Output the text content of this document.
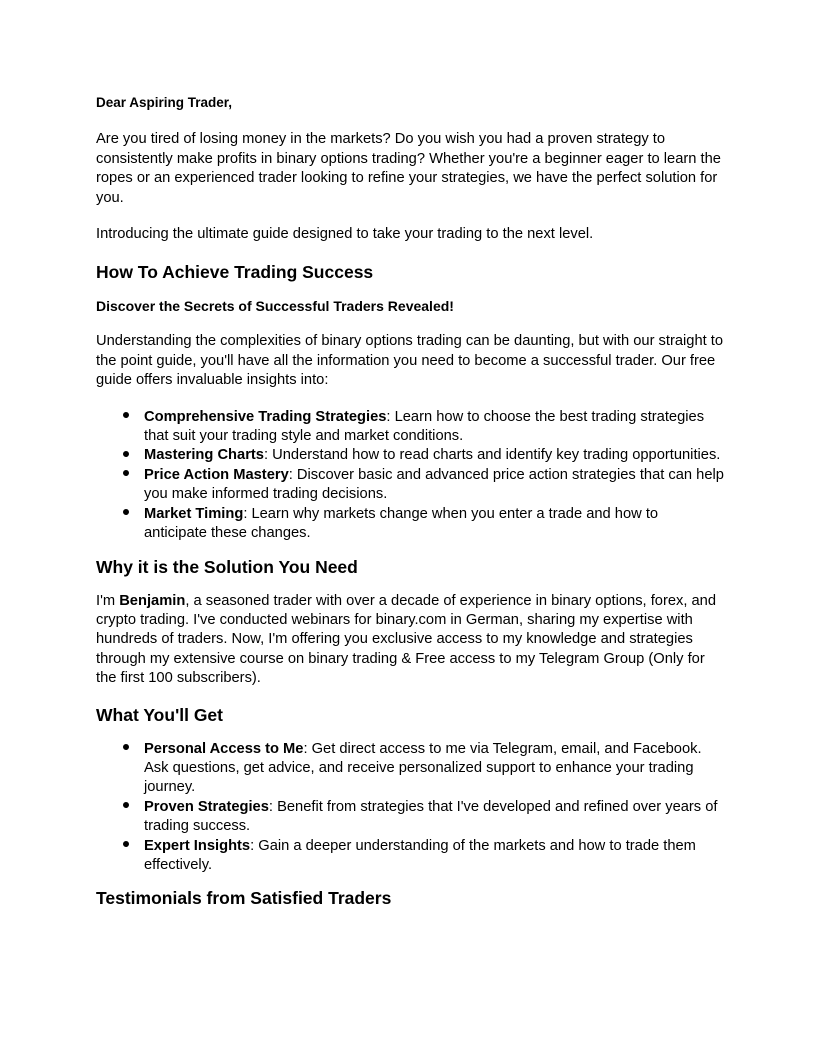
Dear Aspiring Trader,

Are you tired of losing money in the markets? Do you wish you had a proven strategy to consistently make profits in binary options trading? Whether you're a beginner eager to learn the ropes or an experienced trader looking to refine your strategies, we have the perfect solution for you.

Introducing the ultimate guide designed to take your trading to the next level.

How To Achieve Trading Success
Discover the Secrets of Successful Traders Revealed!

Understanding the complexities of binary options trading can be daunting, but with our straight to the point guide, you'll have all the information you need to become a successful trader. Our free guide offers invaluable insights into:

Comprehensive Trading Strategies: Learn how to choose the best trading strategies that suit your trading style and market conditions.
Mastering Charts: Understand how to read charts and identify key trading opportunities.
Price Action Mastery: Discover basic and advanced price action strategies that can help you make informed trading decisions.
Market Timing: Learn why markets change when you enter a trade and how to anticipate these changes.
Why it is the Solution You Need

I'm Benjamin, a seasoned trader with over a decade of experience in binary options, forex, and crypto trading. I've conducted webinars for binary.com in German, sharing my expertise with hundreds of traders. Now, I'm offering you exclusive access to my knowledge and strategies through my extensive course on binary trading & Free access to my Telegram Group (Only for the first 100 subscribers).

What You'll Get
Personal Access to Me: Get direct access to me via Telegram, email, and Facebook. Ask questions, get advice, and receive personalized support to enhance your trading journey.
Proven Strategies: Benefit from strategies that I've developed and refined over years of trading success.
Expert Insights: Gain a deeper understanding of the markets and how to trade them effectively.
Testimonials from Satisfied Traders
